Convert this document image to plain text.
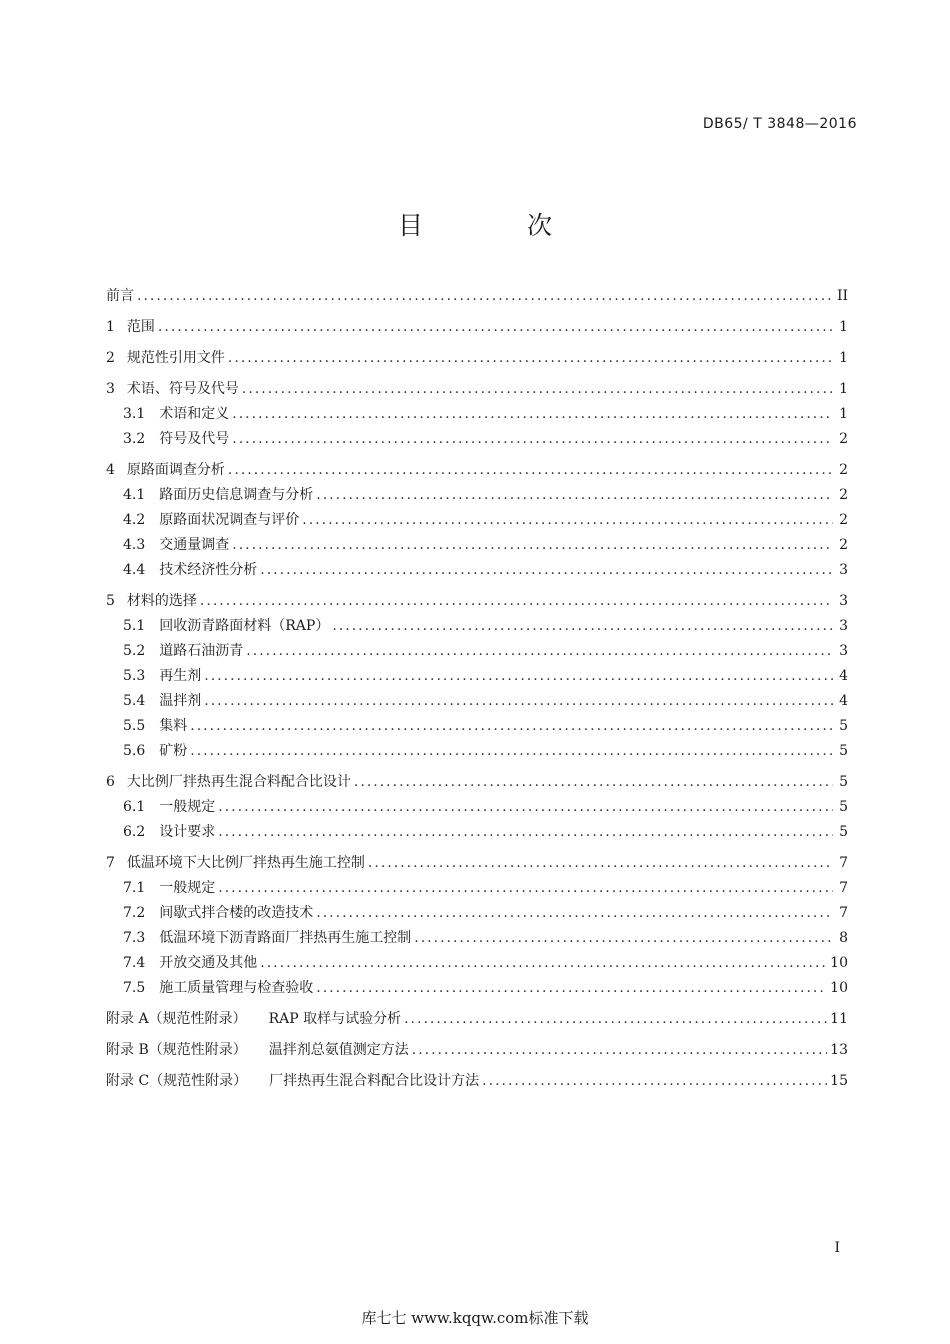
DB65/ T 3848—2016
目 次
前言 .....	II
1 范围 .....	1
2 规范性引用文件 .....	1
3 术语、符号及代号 .....	1
3.1 术语和定义 .....	1
3.2 符号及代号 .....	2
4 原路面调查分析 .....	2
4.1 路面历史信息调查与分析 .....	2
4.2 原路面状况调查与评价 .....	2
4.3 交通量调查 .....	2
4.4 技术经济性分析 .....	3
5 材料的选择 .....	3
5.1 回收沥青路面材料（RAP） .....	3
5.2 道路石油沥青 .....	3
5.3 再生剂 .....	4
5.4 温拌剂 .....	4
5.5 集料 .....	5
5.6 矿粉 .....	5
6 大比例厂拌热再生混合料配合比设计 .....	5
6.1 一般规定 .....	5
6.2 设计要求 .....	5
7 低温环境下大比例厂拌热再生施工控制 .....	7
7.1 一般规定 .....	7
7.2 间歇式拌合楼的改造技术 .....	7
7.3 低温环境下沥青路面厂拌热再生施工控制 .....	8
7.4 开放交通及其他 .....	10
7.5 施工质量管理与检查验收 .....	10
附录 A（规范性附录） RAP 取样与试验分析 .....	11
附录 B（规范性附录） 温拌剂总氨值测定方法 .....	13
附录 C（规范性附录） 厂拌热再生混合料配合比设计方法 .....	15
I
库七七 www.kqqw.com标准下载
